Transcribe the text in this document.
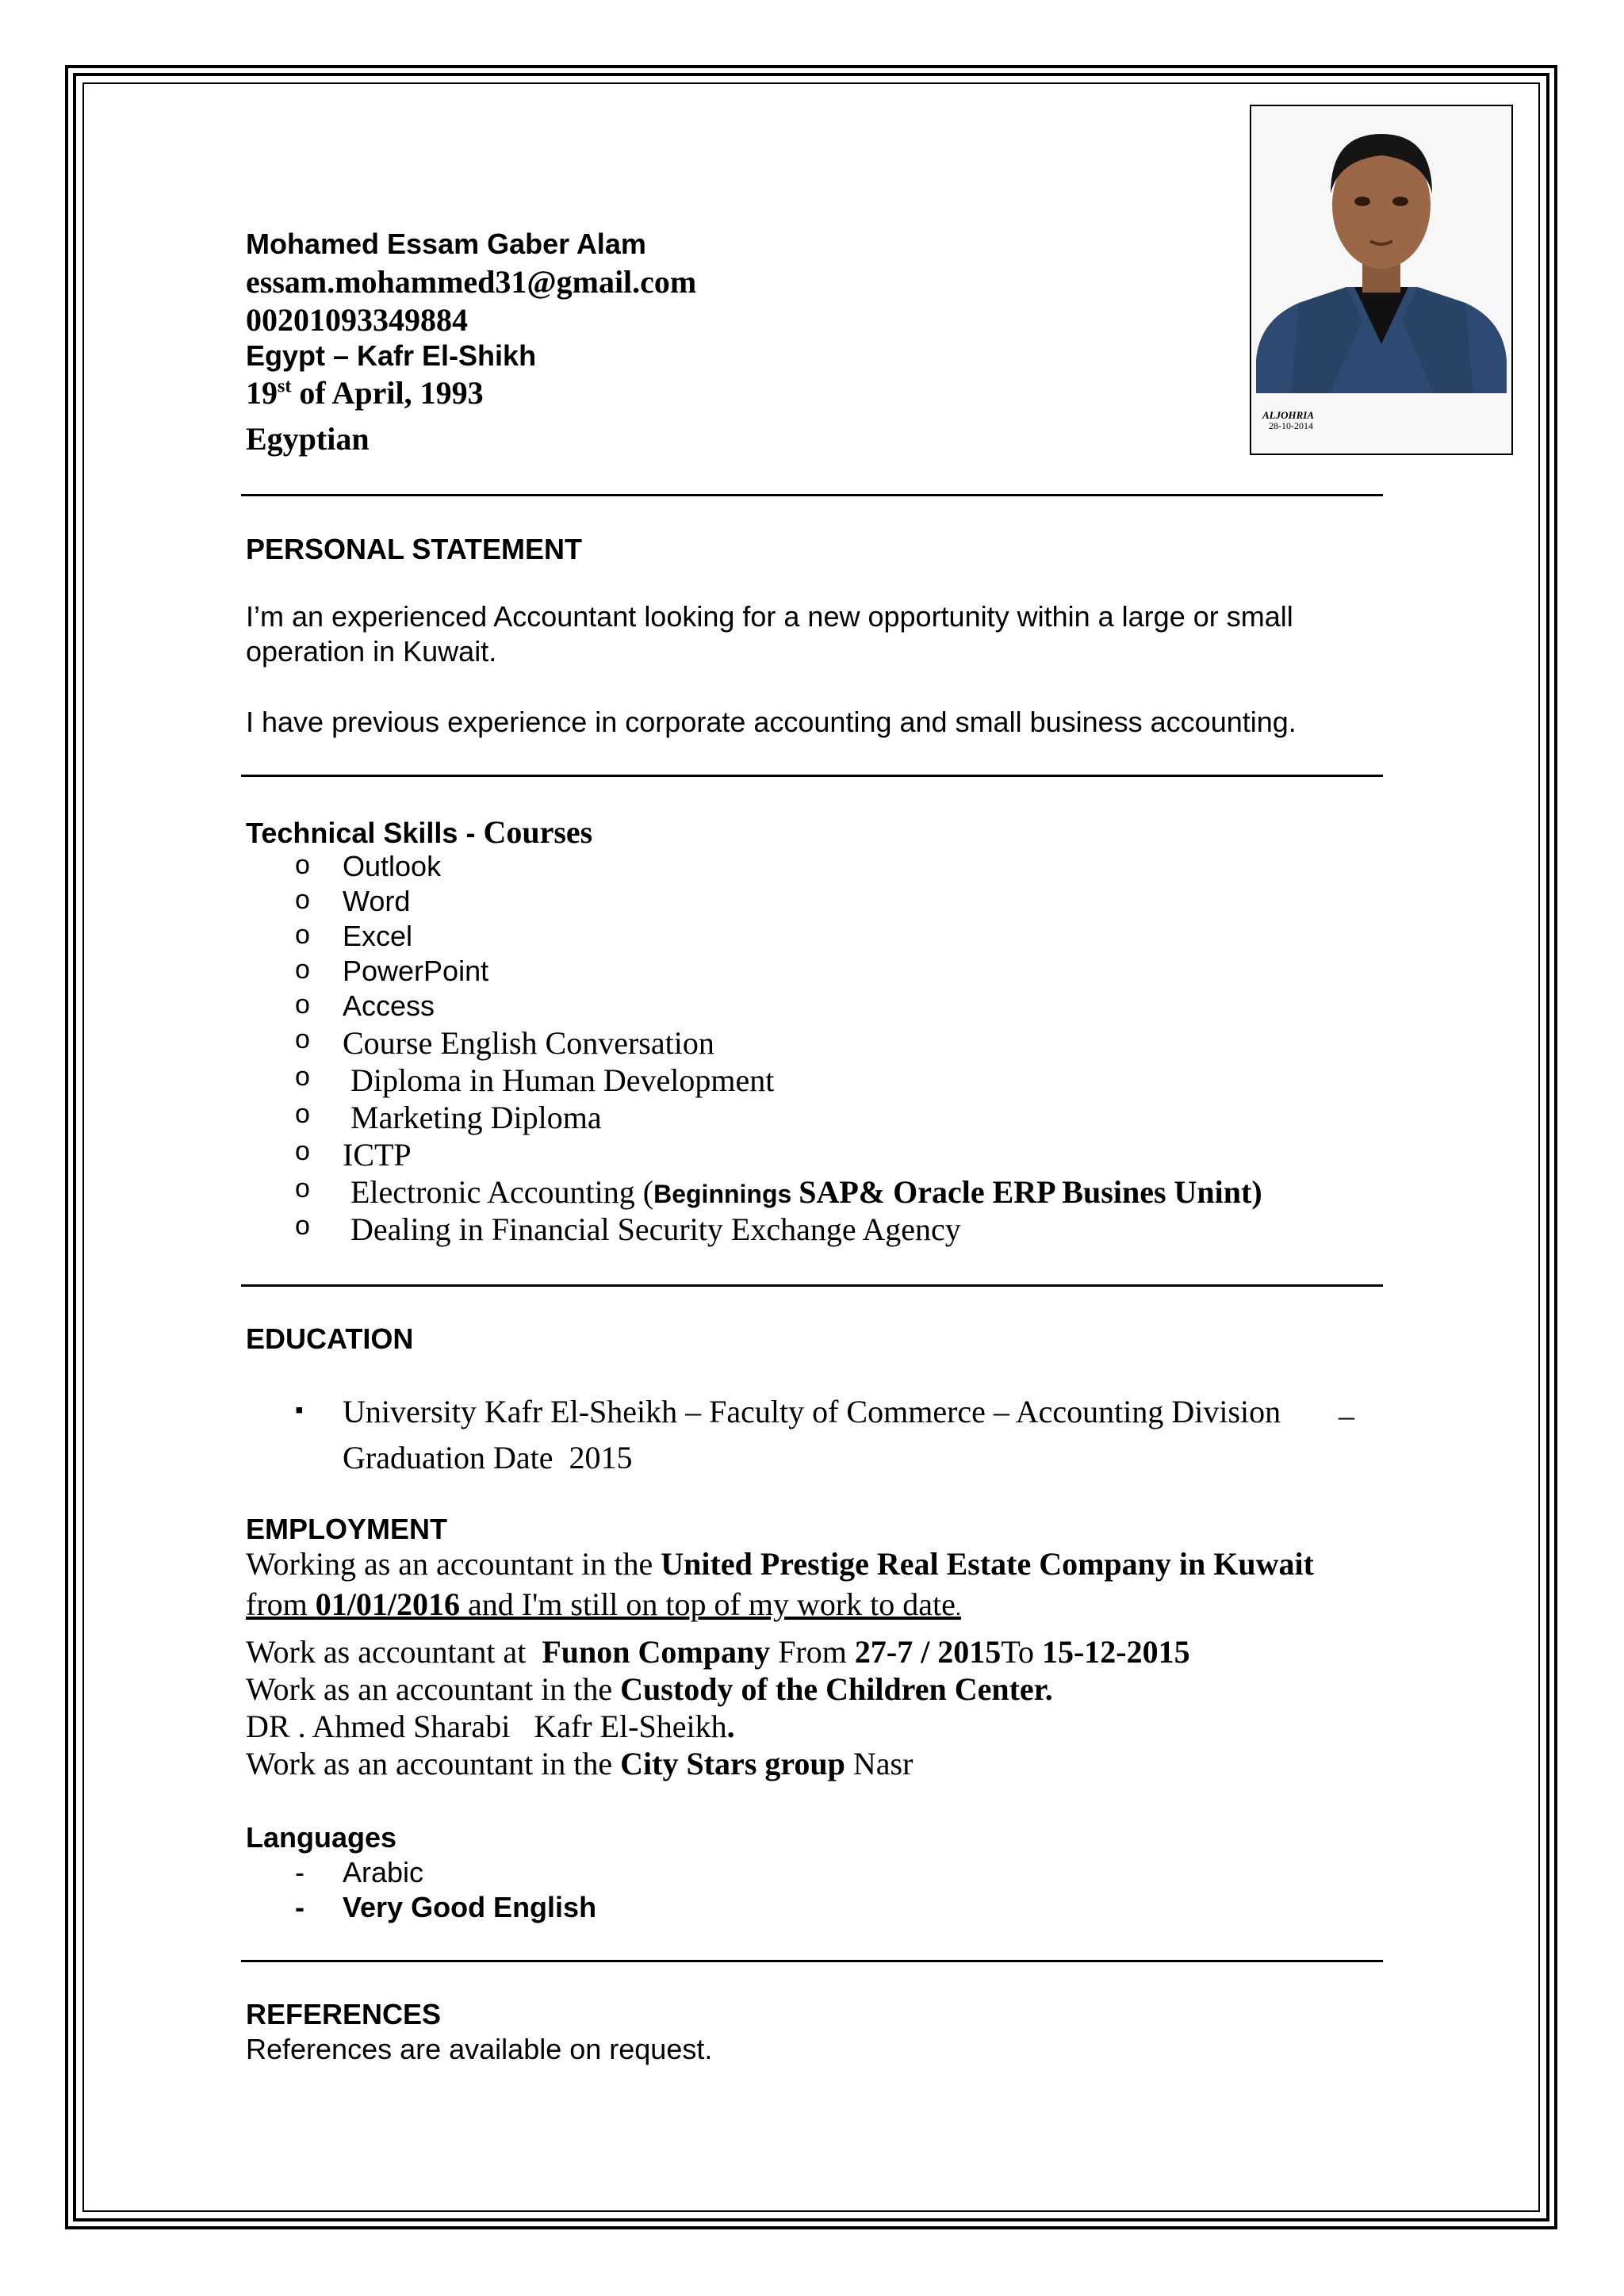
Mohamed Essam Gaber Alam
essam.mohammed31@gmail.com
00201093349884
Egypt – Kafr El-Shikh
19st of April, 1993
Egyptian
ALJOHRIA
28-10-2014
PERSONAL STATEMENT
I’m an experienced Accountant looking for a new opportunity within a large or small
operation in Kuwait.
I have previous experience in corporate accounting and small business accounting.
Technical Skills - Courses
o Outlook
o Word
o Excel
o PowerPoint
o Access
o Course English Conversation
o Diploma in Human Development
o Marketing Diploma
o ICTP
o Electronic Accounting (Beginnings SAP& Oracle ERP Busines Unint)
o Dealing in Financial Security Exchange Agency
EDUCATION
▪ University Kafr El-Sheikh – Faculty of Commerce – Accounting Division –
Graduation Date  2015
EMPLOYMENT
Working as an accountant in the United Prestige Real Estate Company in Kuwait
from 01/01/2016 and I'm still on top of my work to date.
Work as accountant at  Funon Company From 27-7 / 2015To 15-12-2015
Work as an accountant in the Custody of the Children Center.
DR . Ahmed Sharabi   Kafr El-Sheikh.
Work as an accountant in the City Stars group Nasr
Languages
- Arabic
- Very Good English
REFERENCES
References are available on request.
